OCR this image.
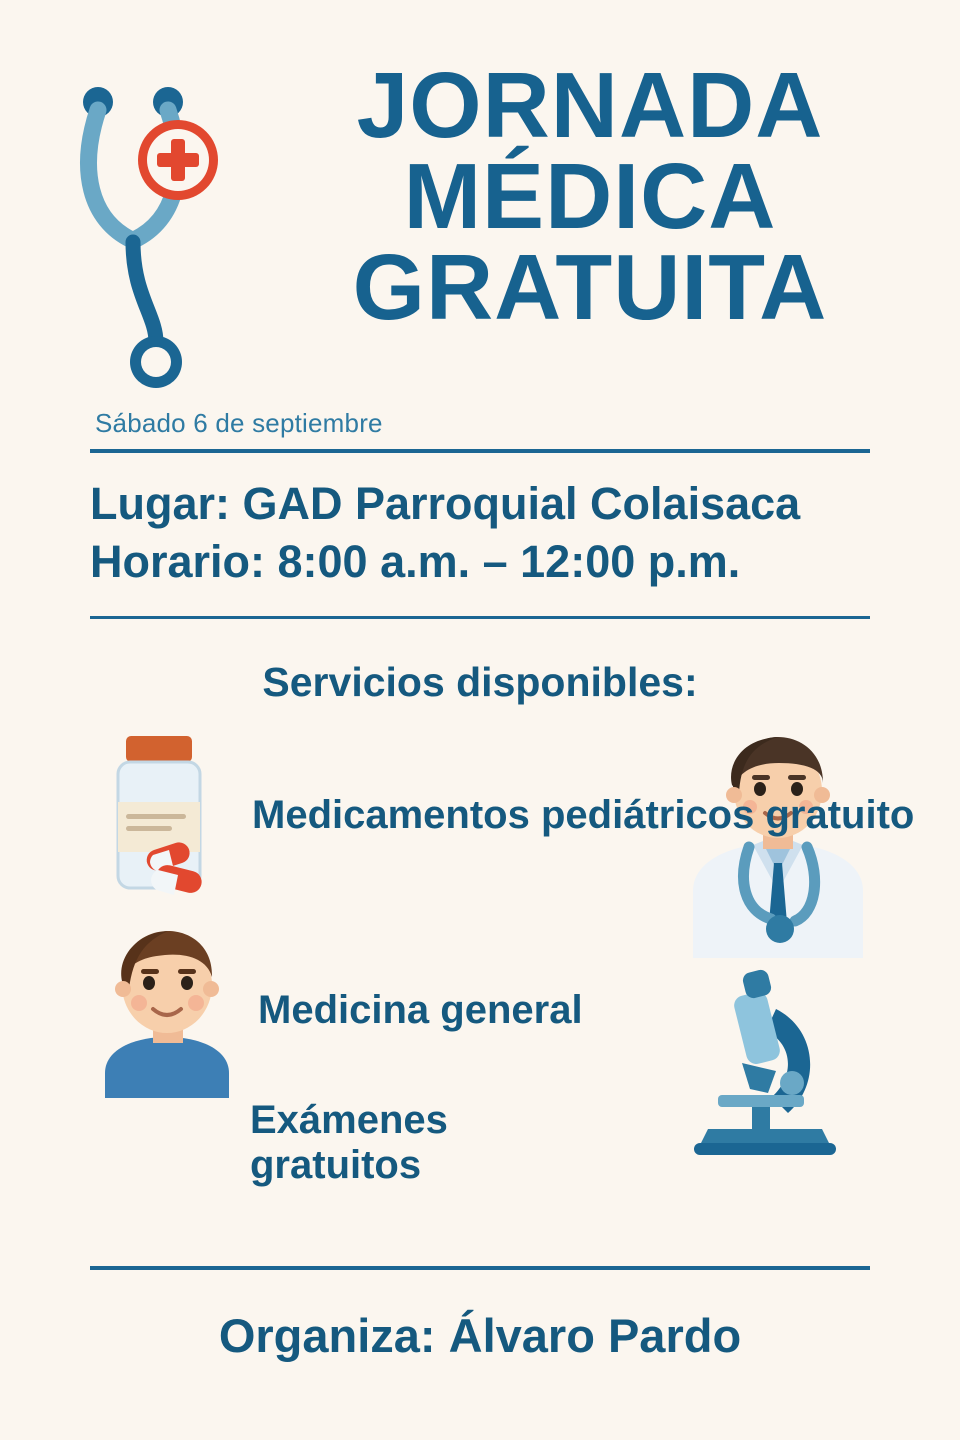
JORNADA
MÉDICA
GRATUITA
Sábado 6 de septiembre
Lugar: GAD Parroquial Colaisaca
Horario: 8:00 a.m. – 12:00 p.m.
Servicios disponibles:
Medicamentos pediátricos gratuito
Medicina general
Exámenes gratuitos
Organiza: Álvaro Pardo
